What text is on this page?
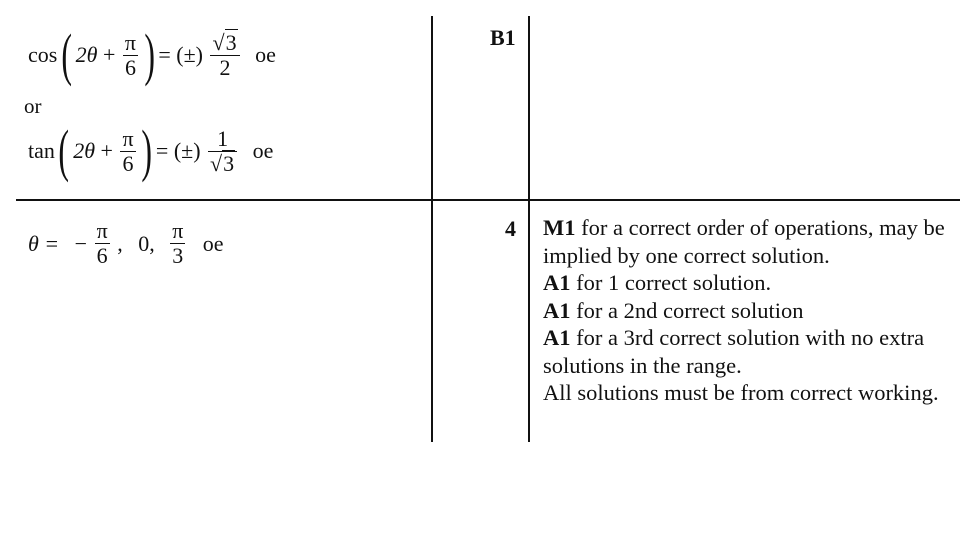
cos ( $2\theta + \frac{\pi}{6}$ ) = (±) $\frac{√3}{2}$ oe
or
tan ( $2\theta + \frac{\pi}{6}$ ) = (±) $\frac{1}{√3}$ oe
B1
θ = − $\frac{\pi}{6}$ , 0, $\frac{\pi}{3}$ oe
4 M1 for a correct order of operations, may be implied by one correct solution.
A1 for 1 correct solution.
A1 for a 2nd correct solution
A1 for a 3rd correct solution with no extra solutions in the range.
All solutions must be from correct working.
